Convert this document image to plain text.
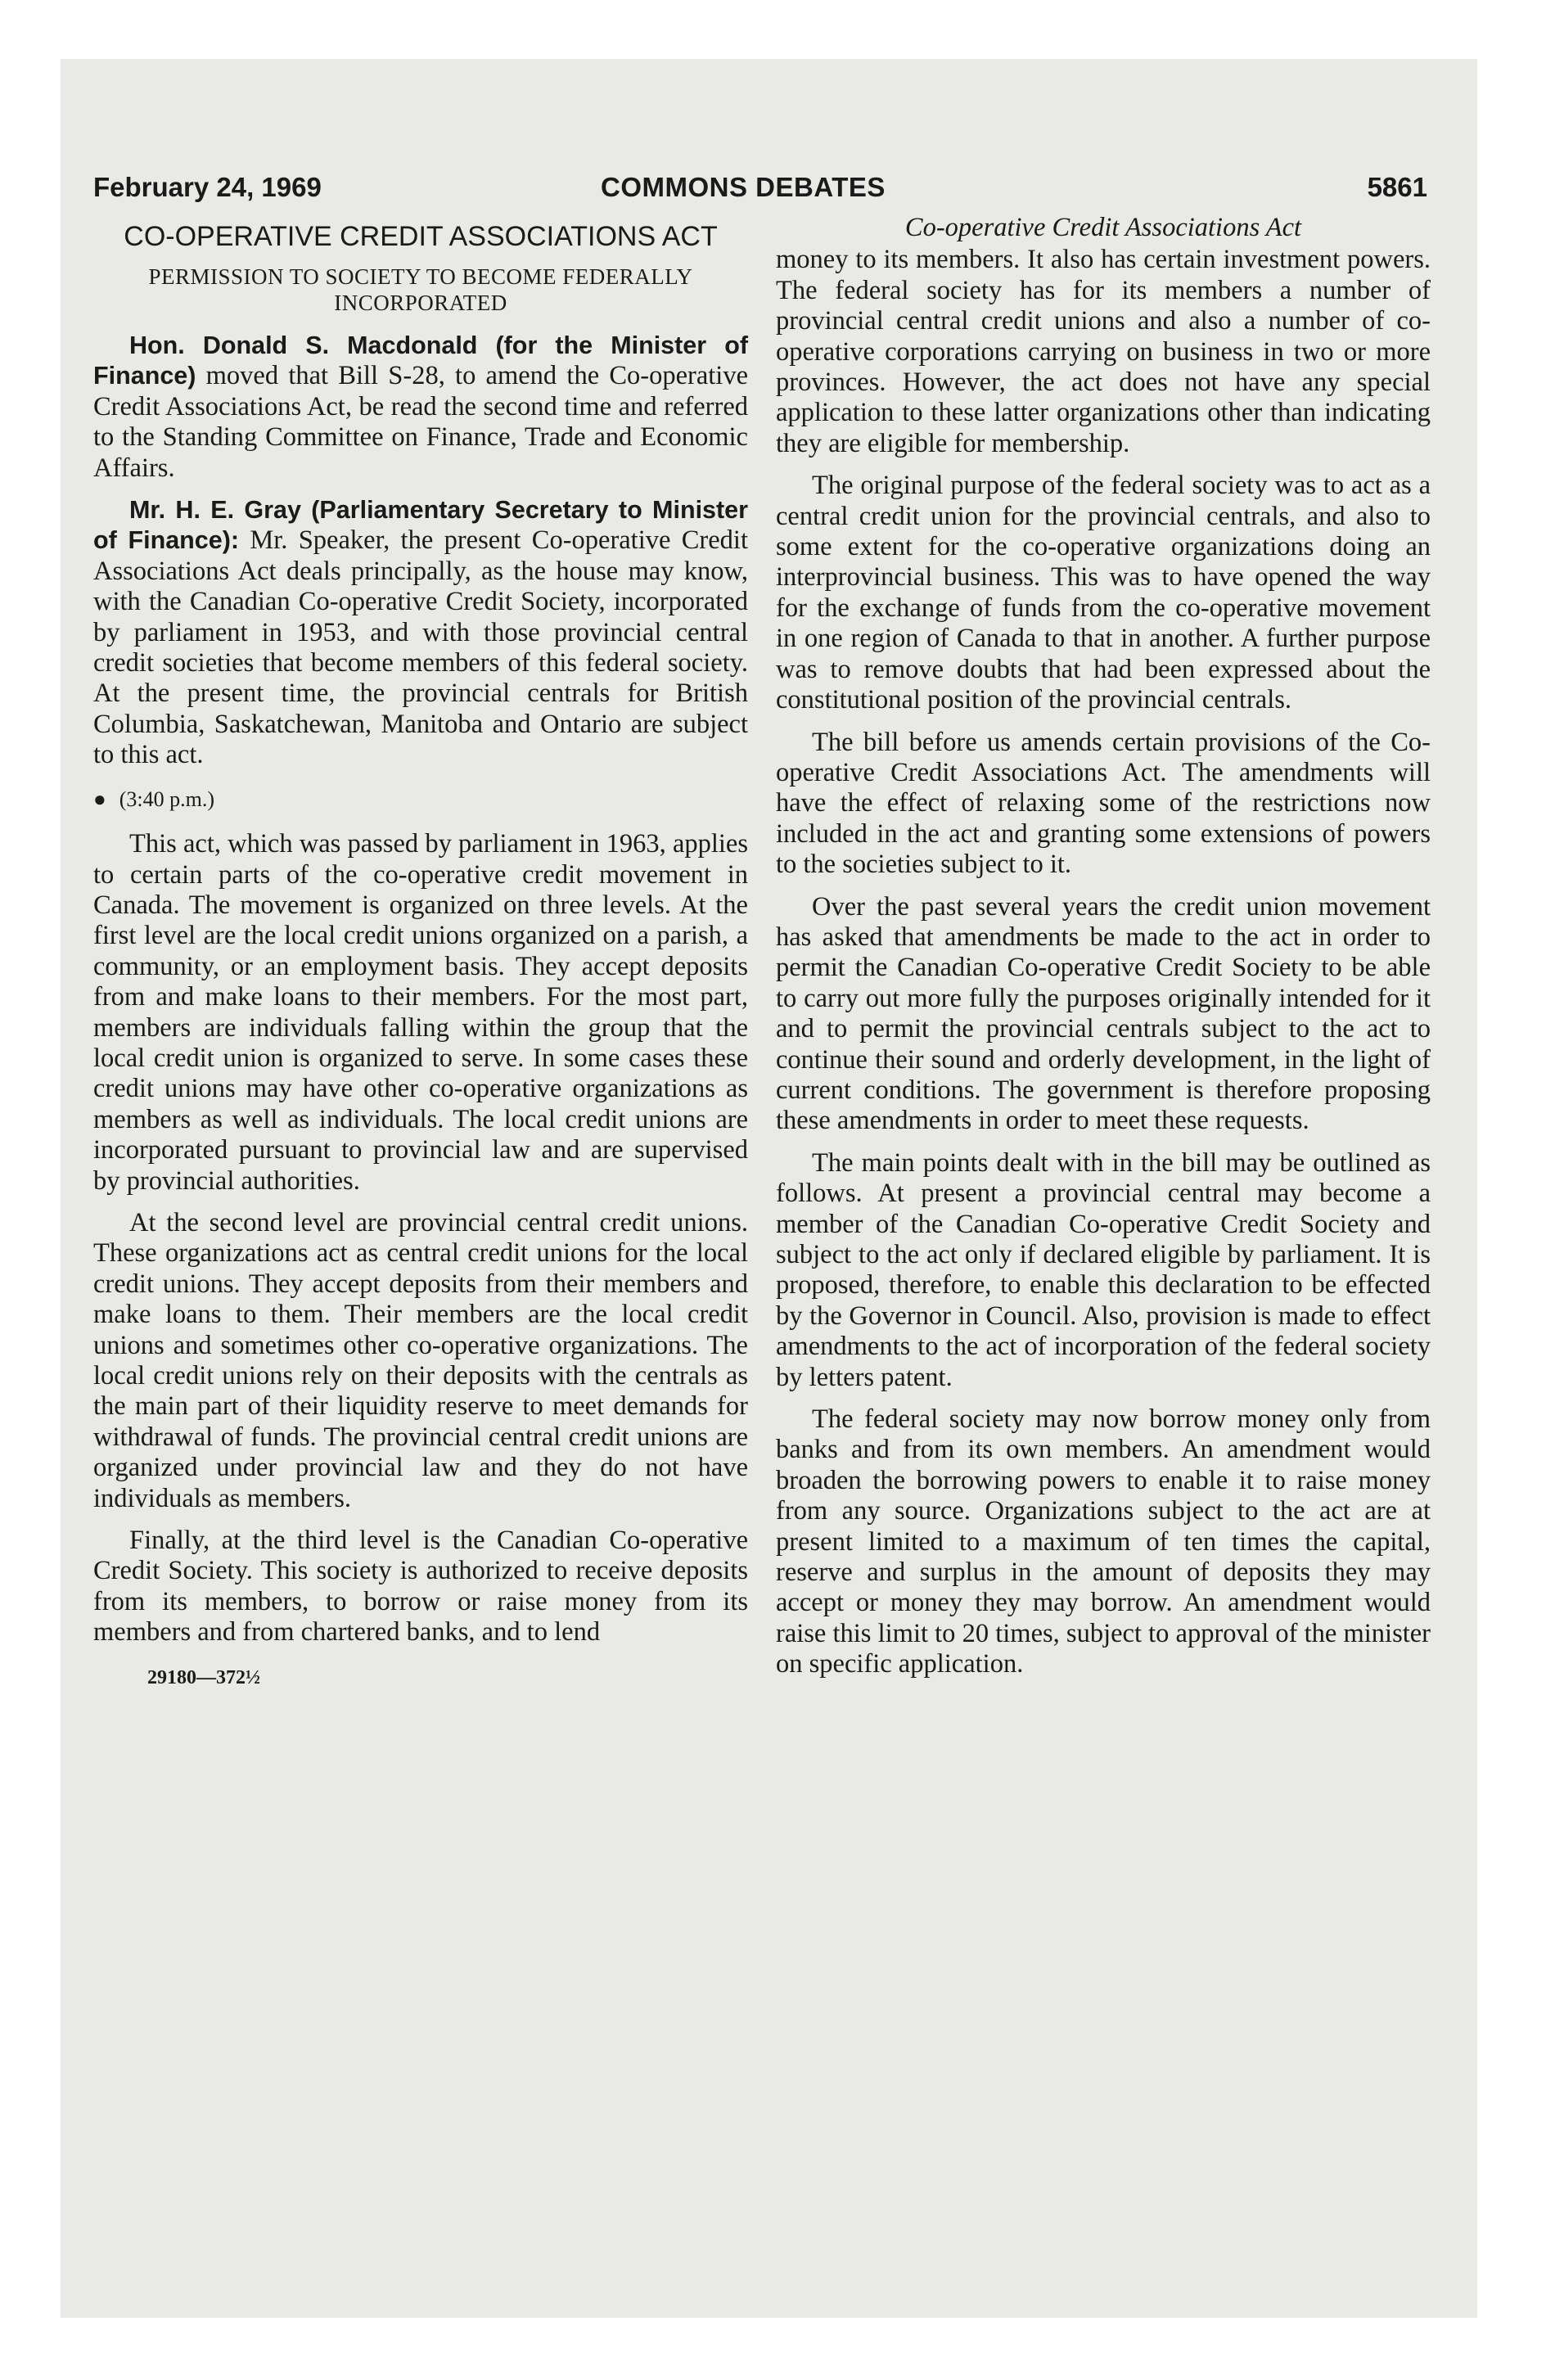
February 24, 1969	COMMONS DEBATES	5861
CO-OPERATIVE CREDIT ASSOCIATIONS ACT
PERMISSION TO SOCIETY TO BECOME FEDERALLY INCORPORATED

Hon. Donald S. Macdonald (for the Minister of Finance) moved that Bill S-28, to amend the Co-operative Credit Associations Act, be read the second time and referred to the Standing Committee on Finance, Trade and Economic Affairs.

Mr. H. E. Gray (Parliamentary Secretary to Minister of Finance): Mr. Speaker, the present Co-operative Credit Associations Act deals principally, as the house may know, with the Canadian Co-operative Credit Society, incorporated by parliament in 1953, and with those provincial central credit societies that become members of this federal society. At the present time, the provincial centrals for British Columbia, Saskatchewan, Manitoba and Ontario are subject to this act.

● (3:40 p.m.)

This act, which was passed by parliament in 1963, applies to certain parts of the co-operative credit movement in Canada. The movement is organized on three levels. At the first level are the local credit unions organized on a parish, a community, or an employment basis. They accept deposits from and make loans to their members. For the most part, members are individuals falling within the group that the local credit union is organized to serve. In some cases these credit unions may have other co-operative organizations as members as well as individuals. The local credit unions are incorporated pursuant to provincial law and are supervised by provincial authorities.

At the second level are provincial central credit unions. These organizations act as central credit unions for the local credit unions. They accept deposits from their members and make loans to them. Their members are the local credit unions and sometimes other co-operative organizations. The local credit unions rely on their deposits with the centrals as the main part of their liquidity reserve to meet demands for withdrawal of funds. The provincial central credit unions are organized under provincial law and they do not have individuals as members.

Finally, at the third level is the Canadian Co-operative Credit Society. This society is authorized to receive deposits from its members, to borrow or raise money from its members and from chartered banks, and to lend

29180—372½
Co-operative Credit Associations Act

money to its members. It also has certain investment powers. The federal society has for its members a number of provincial central credit unions and also a number of co-operative corporations carrying on business in two or more provinces. However, the act does not have any special application to these latter organizations other than indicating they are eligible for membership.

The original purpose of the federal society was to act as a central credit union for the provincial centrals, and also to some extent for the co-operative organizations doing an interprovincial business. This was to have opened the way for the exchange of funds from the co-operative movement in one region of Canada to that in another. A further purpose was to remove doubts that had been expressed about the constitutional position of the provincial centrals.

The bill before us amends certain provisions of the Co-operative Credit Associations Act. The amendments will have the effect of relaxing some of the restrictions now included in the act and granting some extensions of powers to the societies subject to it.

Over the past several years the credit union movement has asked that amendments be made to the act in order to permit the Canadian Co-operative Credit Society to be able to carry out more fully the purposes originally intended for it and to permit the provincial centrals subject to the act to continue their sound and orderly development, in the light of current conditions. The government is therefore proposing these amendments in order to meet these requests.

The main points dealt with in the bill may be outlined as follows. At present a provincial central may become a member of the Canadian Co-operative Credit Society and subject to the act only if declared eligible by parliament. It is proposed, therefore, to enable this declaration to be effected by the Governor in Council. Also, provision is made to effect amendments to the act of incorporation of the federal society by letters patent.

The federal society may now borrow money only from banks and from its own members. An amendment would broaden the borrowing powers to enable it to raise money from any source. Organizations subject to the act are at present limited to a maximum of ten times the capital, reserve and surplus in the amount of deposits they may accept or money they may borrow. An amendment would raise this limit to 20 times, subject to approval of the minister on specific application.
